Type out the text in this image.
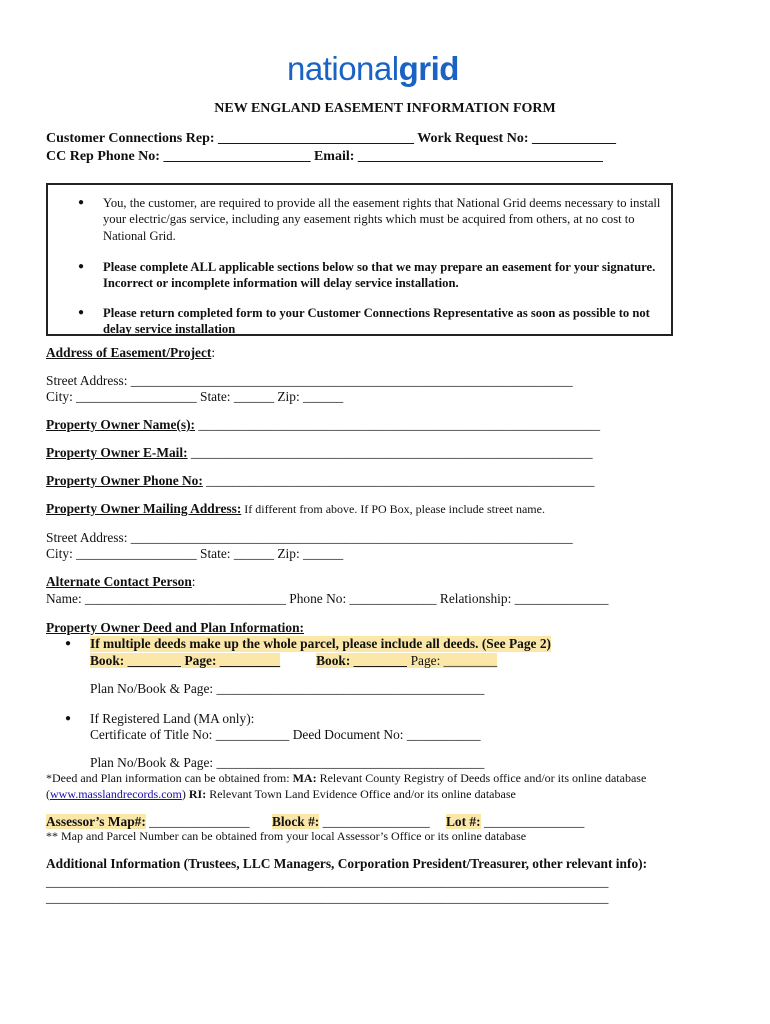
nationalgrid
NEW ENGLAND EASEMENT INFORMATION FORM
Customer Connections Rep: ____________________________ Work Request No: ____________
CC Rep Phone No: _____________________ Email: ___________________________________
● You, the customer, are required to provide all the easement rights that National Grid deems necessary to install your electric/gas service, including any easement rights which must be acquired from others, at no cost to National Grid.
● Please complete ALL applicable sections below so that we may prepare an easement for your signature. Incorrect or incomplete information will delay service installation.
● Please return completed form to your Customer Connections Representative as soon as possible to not delay service installation
Address of Easement/Project:
Street Address: __________________________________________________________________
City: __________________ State: ______ Zip: ______
Property Owner Name(s): ____________________________________________________________
Property Owner E-Mail: ____________________________________________________________
Property Owner Phone No: __________________________________________________________
Property Owner Mailing Address: If different from above. If PO Box, please include street name.
Street Address: __________________________________________________________________
City: __________________ State: ______ Zip: ______
Alternate Contact Person:
Name: ______________________________ Phone No: _____________ Relationship: ______________
Property Owner Deed and Plan Information:
● If multiple deeds make up the whole parcel, please include all deeds. (See Page 2)
Book: ________ Page: _________	Book: ________ Page: ________
Plan No/Book & Page: ________________________________________
● If Registered Land (MA only):
Certificate of Title No: ___________ Deed Document No: ___________
Plan No/Book & Page: ________________________________________
*Deed and Plan information can be obtained from: MA: Relevant County Registry of Deeds office and/or its online database
(www.masslandrecords.com) RI: Relevant Town Land Evidence Office and/or its online database
Assessor’s Map#: _______________ Block #: ________________ Lot #: _______________
** Map and Parcel Number can be obtained from your local Assessor’s Office or its online database
Additional Information (Trustees, LLC Managers, Corporation President/Treasurer, other relevant info):
____________________________________________________________________________________
____________________________________________________________________________________
